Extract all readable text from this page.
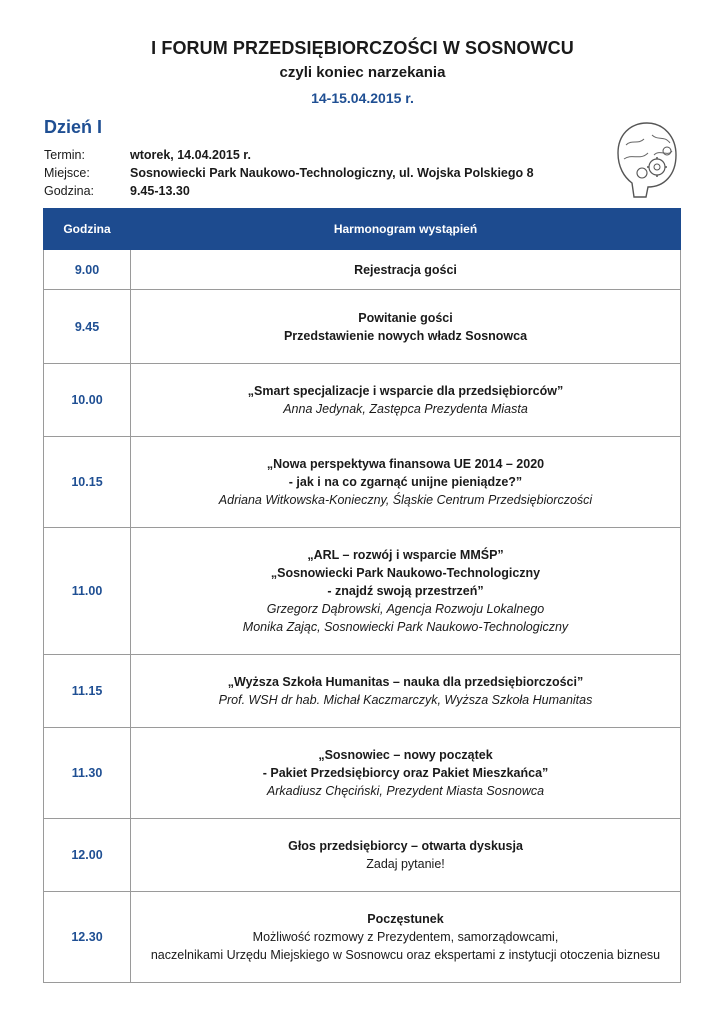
I FORUM PRZEDSIĘBIORCZOŚCI W SOSNOWCU
czyli koniec narzekania
14-15.04.2015 r.
Dzień I
Termin:	wtorek, 14.04.2015 r.
Miejsce:	Sosnowiecki Park Naukowo-Technologiczny, ul. Wojska Polskiego 8
Godzina:	9.45-13.30
Godzina	Harmonogram wystąpień
9.00	Rejestracja gości

9.45	Powitanie gości
Przedstawienie nowych władz Sosnowca

10.00	„Smart specjalizacje i wsparcie dla przedsiębiorców”
Anna Jedynak, Zastępca Prezydenta Miasta

10.15	„Nowa perspektywa finansowa UE 2014 – 2020
- jak i na co zgarnąć unijne pieniądze?”
Adriana Witkowska-Konieczny, Śląskie Centrum Przedsiębiorczości

11.00	„ARL – rozwój i wsparcie MMŚP”
„Sosnowiecki Park Naukowo-Technologiczny
- znajdź swoją przestrzeń”
Grzegorz Dąbrowski, Agencja Rozwoju Lokalnego
Monika Zając, Sosnowiecki Park Naukowo-Technologiczny

11.15	„Wyższa Szkoła Humanitas – nauka dla przedsiębiorczości”
Prof. WSH dr hab. Michał Kaczmarczyk, Wyższa Szkoła Humanitas

11.30	„Sosnowiec – nowy początek
- Pakiet Przedsiębiorcy oraz Pakiet Mieszkańca”
Arkadiusz Chęciński, Prezydent Miasta Sosnowca

12.00	Głos przedsiębiorcy – otwarta dyskusja
Zadaj pytanie!

12.30	Poczęstunek
Możliwość rozmowy z Prezydentem, samorządowcami,
naczelnikami Urzędu Miejskiego w Sosnowcu oraz ekspertami z instytucji otoczenia biznesu
